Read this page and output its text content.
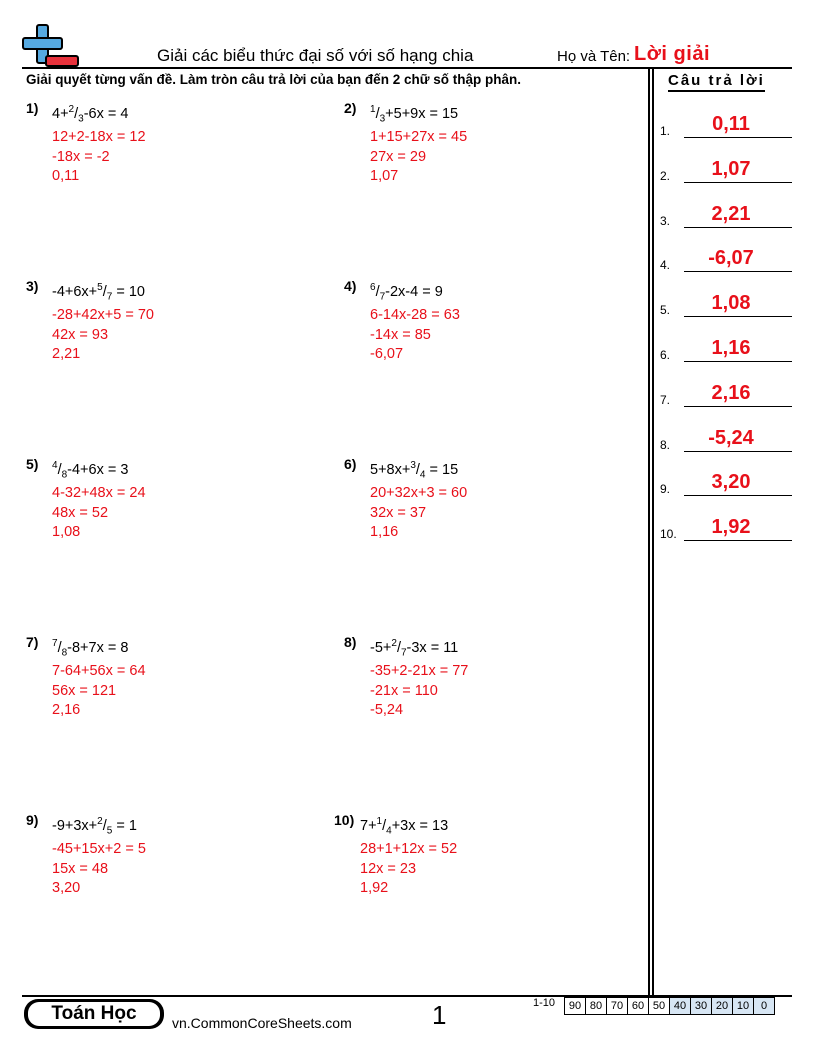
Giải các biểu thức đại số với số hạng chia	Họ và Tên: Lời giải
Giải quyết từng vấn đề. Làm tròn câu trả lời của bạn đến 2 chữ số thập phân.	Câu trả lời
1) $4+^2/_3-6x = 4$
12+2-18x = 12
-18x = -2
0,11
2) $^1/_3+5+9x = 15$
1+15+27x = 45
27x = 29
1,07
3) $-4+6x+^5/_7 = 10$
-28+42x+5 = 70
42x = 93
2,21
4) $^6/_7-2x-4 = 9$
6-14x-28 = 63
-14x = 85
-6,07
5) $^4/_8-4+6x = 3$
4-32+48x = 24
48x = 52
1,08
6) $5+8x+^3/_4 = 15$
20+32x+3 = 60
32x = 37
1,16
7) $^7/_8-8+7x = 8$
7-64+56x = 64
56x = 121
2,16
8) $-5+^2/_7-3x = 11$
-35+2-21x = 77
-21x = 110
-5,24
9) $-9+3x+^2/_5 = 1$
-45+15x+2 = 5
15x = 48
3,20
10) $7+^1/_4+3x = 13$
28+1+12x = 52
12x = 23
1,92
1.	0,11
2.	1,07
3.	2,21
4.	-6,07
5.	1,08
6.	1,16
7.	2,16
8.	-5,24
9.	3,20
10.	1,92
Toán Học	vn.CommonCoreSheets.com	1	1-10	90 80 70 60 50 40 30 20 10	0
